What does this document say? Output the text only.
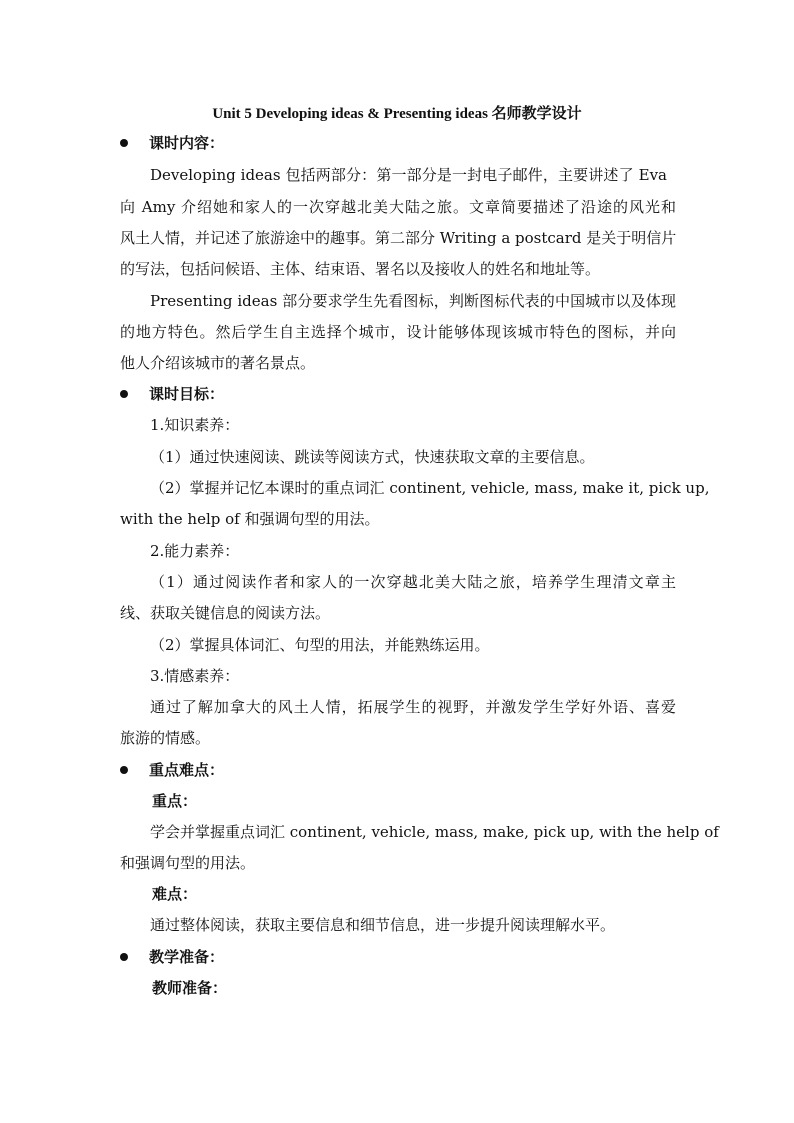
Unit 5 Developing ideas & Presenting ideas 名师教学设计
课时内容：
Developing ideas 包括两部分：第一部分是一封电子邮件，主要讲述了 Eva
向 Amy 介绍她和家人的一次穿越北美大陆之旅。文章简要描述了沿途的风光和
风土人情，并记述了旅游途中的趣事。第二部分 Writing a postcard 是关于明信片
的写法，包括问候语、主体、结束语、署名以及接收人的姓名和地址等。
Presenting ideas 部分要求学生先看图标，判断图标代表的中国城市以及体现
的地方特色。然后学生自主选择个城市，设计能够体现该城市特色的图标，并向
他人介绍该城市的著名景点。
课时目标：
1.知识素养：
（1）通过快速阅读、跳读等阅读方式，快速获取文章的主要信息。
（2）掌握并记忆本课时的重点词汇 continent, vehicle, mass, make it, pick up,
with the help of 和强调句型的用法。
2.能力素养：
（1）通过阅读作者和家人的一次穿越北美大陆之旅，培养学生理清文章主
线、获取关键信息的阅读方法。
（2）掌握具体词汇、句型的用法，并能熟练运用。
3.情感素养：
通过了解加拿大的风土人情，拓展学生的视野，并激发学生学好外语、喜爱
旅游的情感。
重点难点：
重点：
学会并掌握重点词汇 continent, vehicle, mass, make, pick up, with the help of
和强调句型的用法。
难点：
通过整体阅读，获取主要信息和细节信息，进一步提升阅读理解水平。
教学准备：
教师准备：
